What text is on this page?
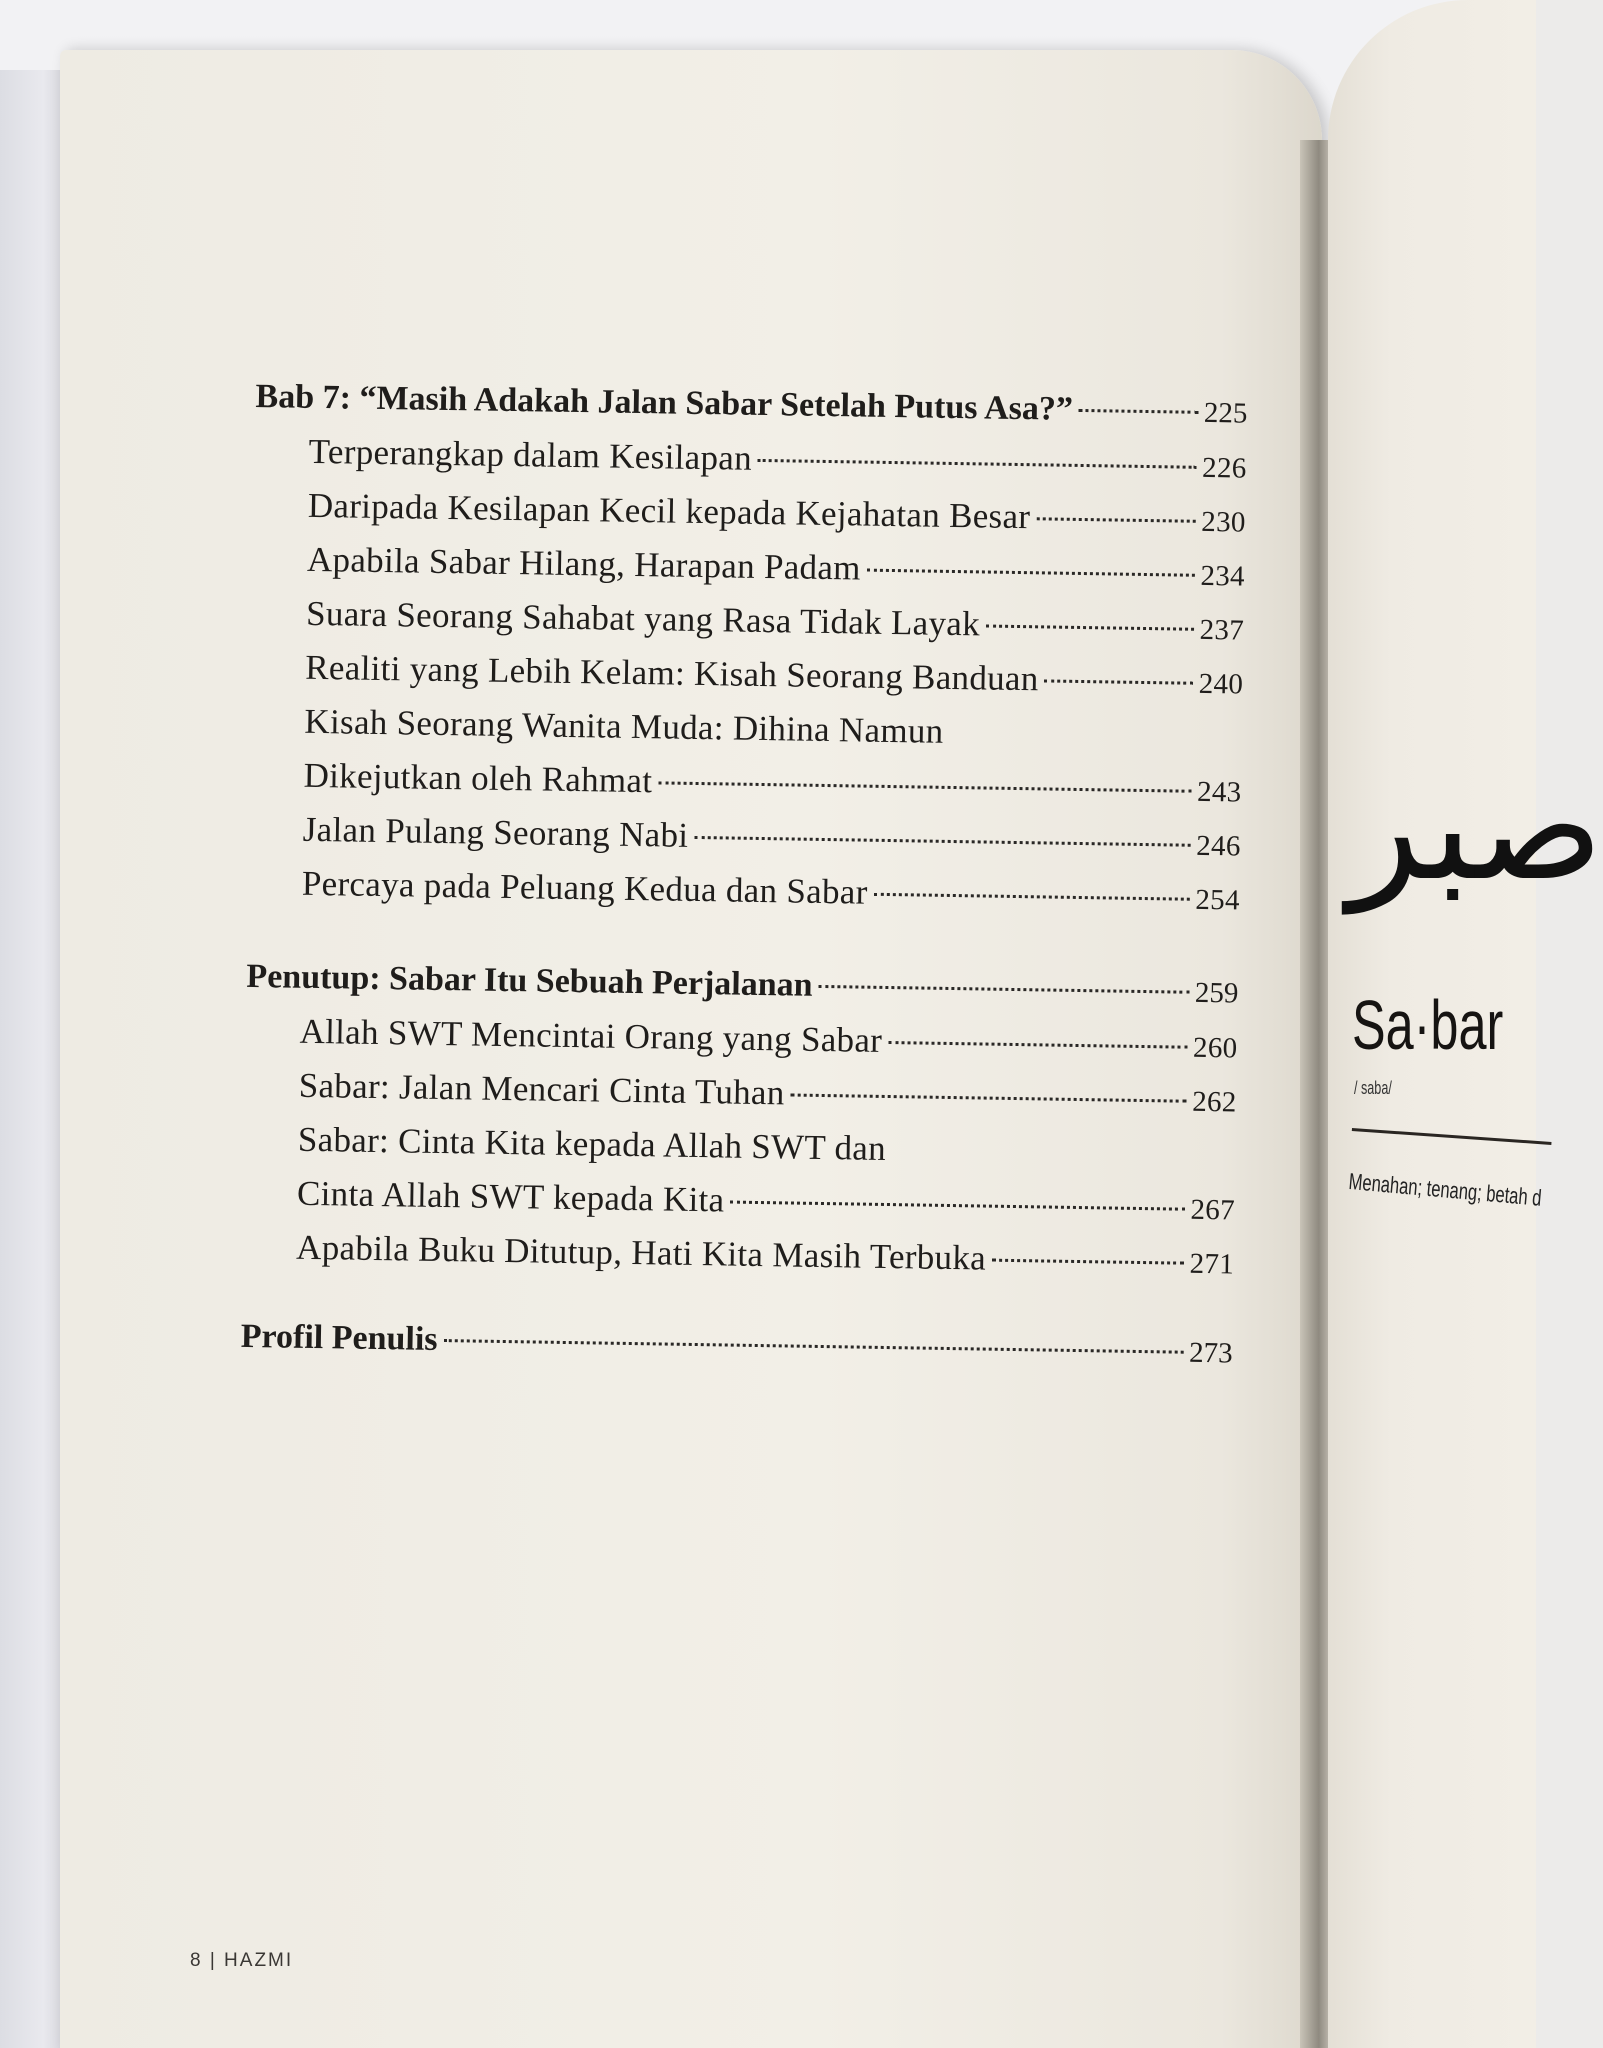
Bab 7: “Masih Adakah Jalan Sabar Setelah Putus Asa?”	225
Terperangkap dalam Kesilapan	226
Daripada Kesilapan Kecil kepada Kejahatan Besar	230
Apabila Sabar Hilang, Harapan Padam	234
Suara Seorang Sahabat yang Rasa Tidak Layak	237
Realiti yang Lebih Kelam: Kisah Seorang Banduan	240
Kisah Seorang Wanita Muda: Dihina Namun
Dikejutkan oleh Rahmat	243
Jalan Pulang Seorang Nabi	246
Percaya pada Peluang Kedua dan Sabar	254
Penutup: Sabar Itu Sebuah Perjalanan	259
Allah SWT Mencintai Orang yang Sabar	260
Sabar: Jalan Mencari Cinta Tuhan	262
Sabar: Cinta Kita kepada Allah SWT dan
Cinta Allah SWT kepada Kita	267
Apabila Buku Ditutup, Hati Kita Masih Terbuka	271
Profil Penulis	273
8 | HAZMI
صبر
Sa·bar
/ saba/
Menahan; tenang; betah d
